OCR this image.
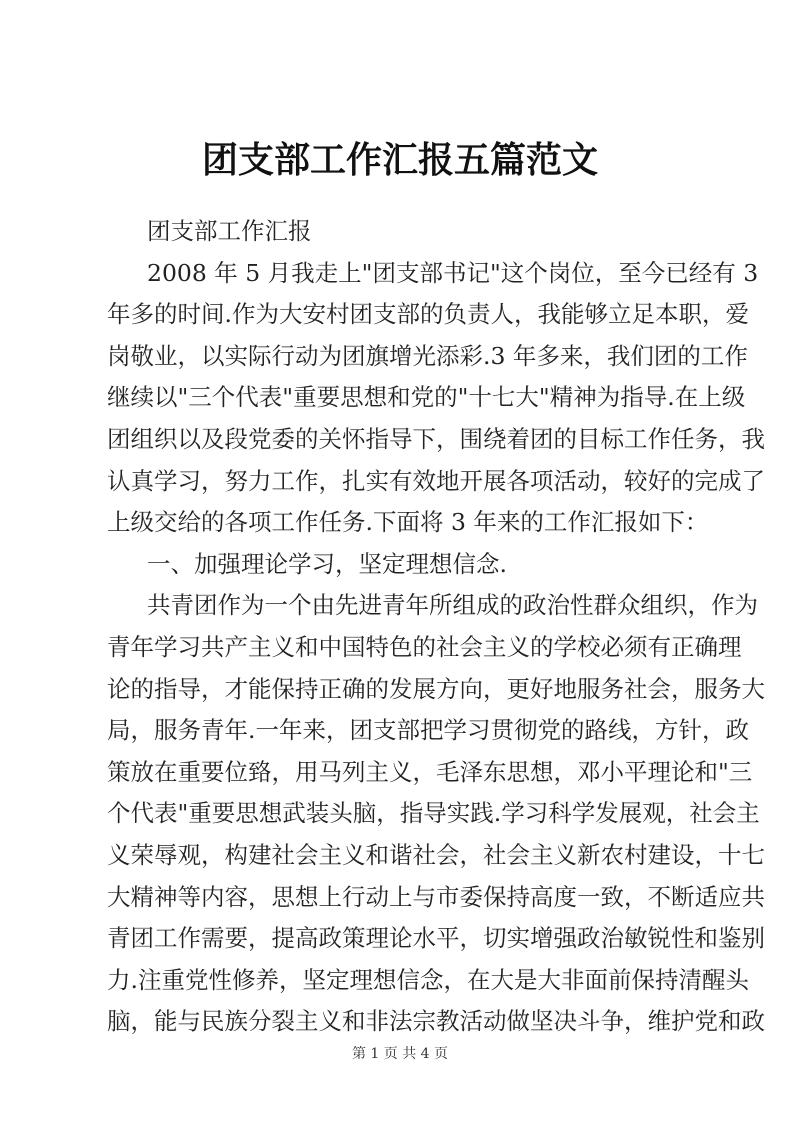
团支部工作汇报五篇范文
团支部工作汇报
2008 年 5 月我走上"团支部书记"这个岗位，至今已经有 3
年多的时间.作为大安村团支部的负责人，我能够立足本职，爱
岗敬业，以实际行动为团旗增光添彩.3 年多来，我们团的工作
继续以"三个代表"重要思想和党的"十七大"精神为指导.在上级
团组织以及段党委的关怀指导下，围绕着团的目标工作任务，我
认真学习，努力工作，扎实有效地开展各项活动，较好的完成了
上级交给的各项工作任务.下面将 3 年来的工作汇报如下：
一、加强理论学习，坚定理想信念.
共青团作为一个由先进青年所组成的政治性群众组织，作为
青年学习共产主义和中国特色的社会主义的学校必须有正确理
论的指导，才能保持正确的发展方向，更好地服务社会，服务大
局，服务青年.一年来，团支部把学习贯彻党的路线，方针，政
策放在重要位臵，用马列主义，毛泽东思想，邓小平理论和"三
个代表"重要思想武装头脑，指导实践.学习科学发展观，社会主
义荣辱观，构建社会主义和谐社会，社会主义新农村建设，十七
大精神等内容，思想上行动上与市委保持高度一致，不断适应共
青团工作需要，提高政策理论水平，切实增强政治敏锐性和鉴别
力.注重党性修养，坚定理想信念，在大是大非面前保持清醒头
脑，能与民族分裂主义和非法宗教活动做坚决斗争，维护党和政
第 1 页 共 4 页
